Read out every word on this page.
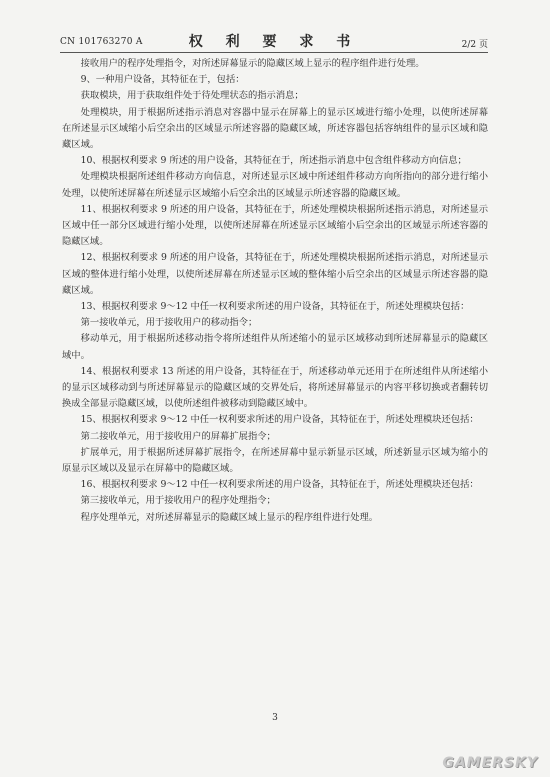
CN 101763270 A	权 利 要 求 书	2/2 页

接收用户的程序处理指令，对所述屏幕显示的隐藏区域上显示的程序组件进行处理。

9、一种用户设备，其特征在于，包括：

获取模块，用于获取组件处于待处理状态的指示消息；

处理模块，用于根据所述指示消息对容器中显示在屏幕上的显示区域进行缩小处理，以使所述屏幕在所述显示区域缩小后空余出的区域显示所述容器的隐藏区域，所述容器包括容纳组件的显示区域和隐藏区域。

10、根据权利要求 9 所述的用户设备，其特征在于，所述指示消息中包含组件移动方向信息；

处理模块根据所述组件移动方向信息，对所述显示区域中所述组件移动方向所指向的部分进行缩小处理，以使所述屏幕在所述显示区域缩小后空余出的区域显示所述容器的隐藏区域。

11、根据权利要求 9 所述的用户设备，其特征在于，所述处理模块根据所述指示消息，对所述显示区域中任一部分区域进行缩小处理，以使所述屏幕在所述显示区域缩小后空余出的区域显示所述容器的隐藏区域。

12、根据权利要求 9 所述的用户设备，其特征在于，所述处理模块根据所述指示消息，对所述显示区域的整体进行缩小处理，以使所述屏幕在所述显示区域的整体缩小后空余出的区域显示所述容器的隐藏区域。

13、根据权利要求 9～12 中任一权利要求所述的用户设备，其特征在于，所述处理模块包括：

第一接收单元，用于接收用户的移动指令；

移动单元，用于根据所述移动指令将所述组件从所述缩小的显示区域移动到所述屏幕显示的隐藏区域中。

14、根据权利要求 13 所述的用户设备，其特征在于，所述移动单元还用于在所述组件从所述缩小的显示区域移动到与所述屏幕显示的隐藏区域的交界处后，将所述屏幕显示的内容平移切换或者翻转切换成全部显示隐藏区域，以使所述组件被移动到隐藏区域中。

15、根据权利要求 9～12 中任一权利要求所述的用户设备，其特征在于，所述处理模块还包括：

第二接收单元，用于接收用户的屏幕扩展指令；

扩展单元，用于根据所述屏幕扩展指令，在所述屏幕中显示新显示区域，所述新显示区域为缩小的原显示区域以及显示在屏幕中的隐藏区域。

16、根据权利要求 9～12 中任一权利要求所述的用户设备，其特征在于，所述处理模块还包括：

第三接收单元，用于接收用户的程序处理指令；

程序处理单元，对所述屏幕显示的隐藏区域上显示的程序组件进行处理。

3
GAMERSKY
